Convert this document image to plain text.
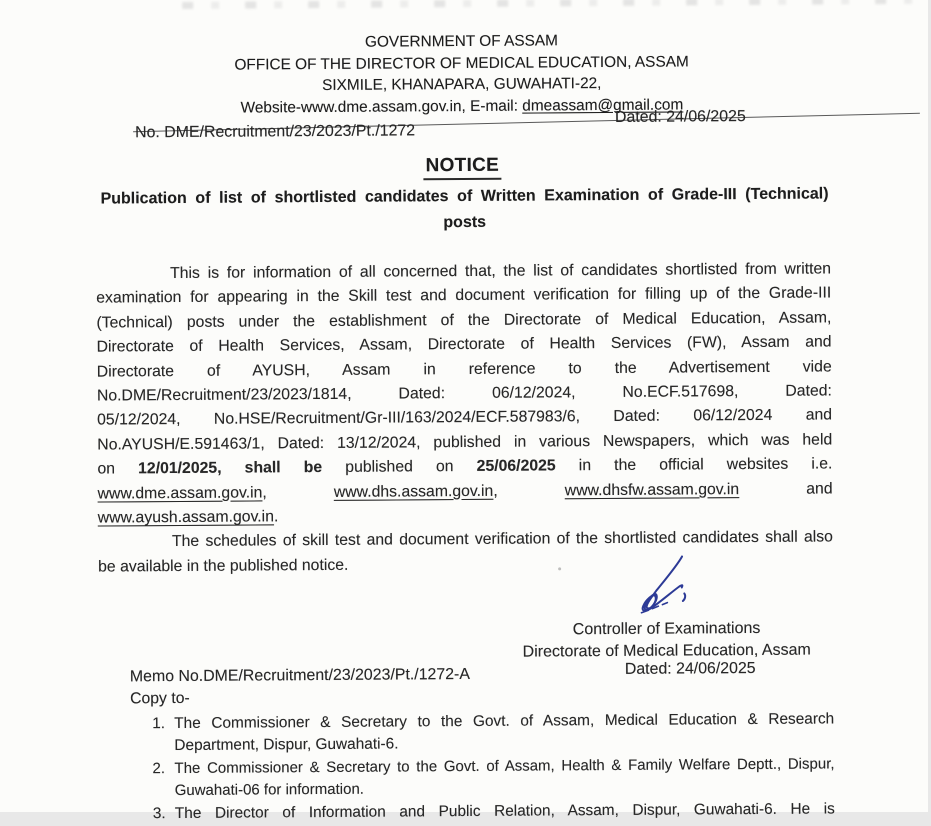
GOVERNMENT OF ASSAM
OFFICE OF THE DIRECTOR OF MEDICAL EDUCATION, ASSAM
SIXMILE, KHANAPARA, GUWAHATI-22,
Website-www.dme.assam.gov.in, E-mail: dmeassam@gmail.com
No. DME/Recruitment/23/2023/Pt./1272
Dated: 24/06/2025
NOTICE
Publication of list of shortlisted candidates of Written Examination of Grade-III (Technical)
posts
This is for information of all concerned that, the list of candidates shortlisted from written
examination for appearing in the Skill test and document verification for filling up of the Grade-III
(Technical) posts under the establishment of the Directorate of Medical Education, Assam,
Directorate of Health Services, Assam, Directorate of Health Services (FW), Assam and
Directorate of AYUSH, Assam in reference to the Advertisement vide
No.DME/Recruitment/23/2023/1814, Dated: 06/12/2024, No.ECF.517698, Dated:
05/12/2024, No.HSE/Recruitment/Gr-III/163/2024/ECF.587983/6, Dated: 06/12/2024 and
No.AYUSH/E.591463/1, Dated: 13/12/2024, published in various Newspapers, which was held
on 12/01/2025, shall be published on 25/06/2025 in the official websites i.e.
www.dme.assam.gov.in, www.dhs.assam.gov.in, www.dhsfw.assam.gov.in and
www.ayush.assam.gov.in.
The schedules of skill test and document verification of the shortlisted candidates shall also
be available in the published notice.
Controller of Examinations
Directorate of Medical Education, Assam
Memo No.DME/Recruitment/23/2023/Pt./1272-A	Dated: 24/06/2025
Copy to-
1. The Commissioner & Secretary to the Govt. of Assam, Medical Education & Research
Department, Dispur, Guwahati-6.
2. The Commissioner & Secretary to the Govt. of Assam, Health & Family Welfare Deptt., Dispur,
Guwahati-06 for information.
3. The Director of Information and Public Relation, Assam, Dispur, Guwahati-6. He is
